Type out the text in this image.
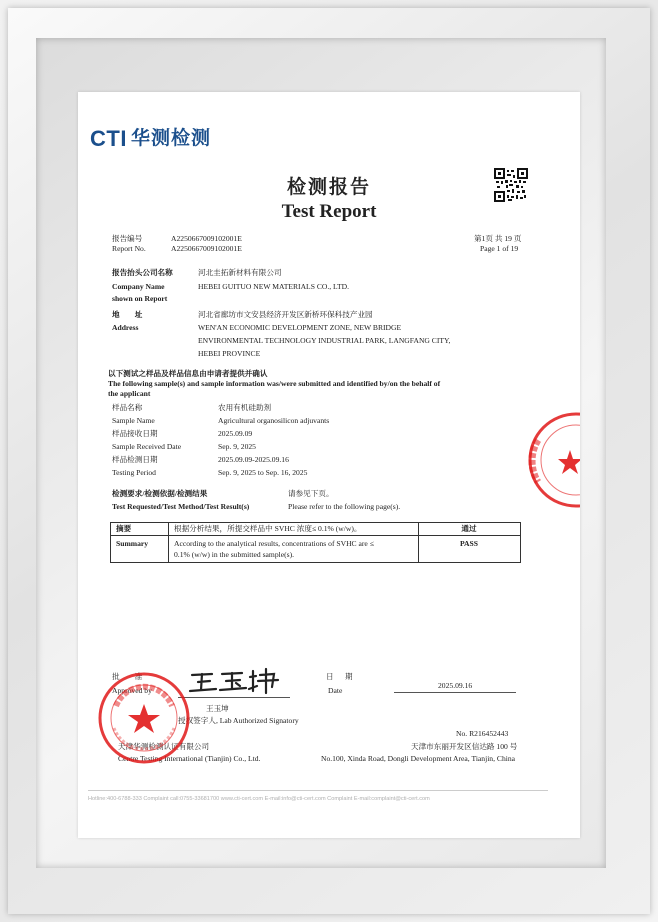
CTI 华测检测
检测报告
Test Report
报告编号
Report No.
A2250667009102001E
A2250667009102001E
第1页 共 19 页
Page 1 of 19
报告抬头公司名称
Company Name
shown on Report
河北圭拓新材料有限公司
HEBEI GUITUO NEW MATERIALS CO., LTD.
地        址
Address
河北省廊坊市文安县经济开发区新桥环保科技产业园
WEN'AN ECONOMIC DEVELOPMENT ZONE, NEW BRIDGE
ENVIRONMENTAL TECHNOLOGY INDUSTRIAL PARK, LANGFANG CITY,
HEBEI PROVINCE
以下测试之样品及样品信息由申请者提供并确认
The following sample(s) and sample information was/were submitted and identified by/on the behalf of
the applicant
样品名称
Sample Name
农用有机硅助剂
Agricultural organosilicon adjuvants
样品接收日期
Sample Received Date
2025.09.09
Sep. 9, 2025
样品检测日期
Testing Period
2025.09.09-2025.09.16
Sep. 9, 2025 to Sep. 16, 2025
检测要求/检测依据/检测结果
Test Requested/Test Method/Test Result(s)
请参见下页。
Please refer to the following page(s).
摘要
Summary
根据分析结果，所提交样品中 SVHC 浓度≤ 0.1% (w/w)。
According to the analytical results, concentrations of SVHC are ≤
0.1% (w/w) in the submitted sample(s).
通过
PASS
批        准
Approved by
王玉坤
授权签字人, Lab Authorized Signatory
日      期
Date
2025.09.16
天津华测检测认证有限公司
Centre Testing International (Tianjin) Co., Ltd.
No. R216452443
天津市东丽开发区信达路 100 号
No.100, Xinda Road, Dongli Development Area, Tianjin, China
Hotline:400-6788-333 Complaint call:0755-33681700 www.cti-cert.com E-mail:info@cti-cert.com Complaint E-mail:complaint@cti-cert.com
